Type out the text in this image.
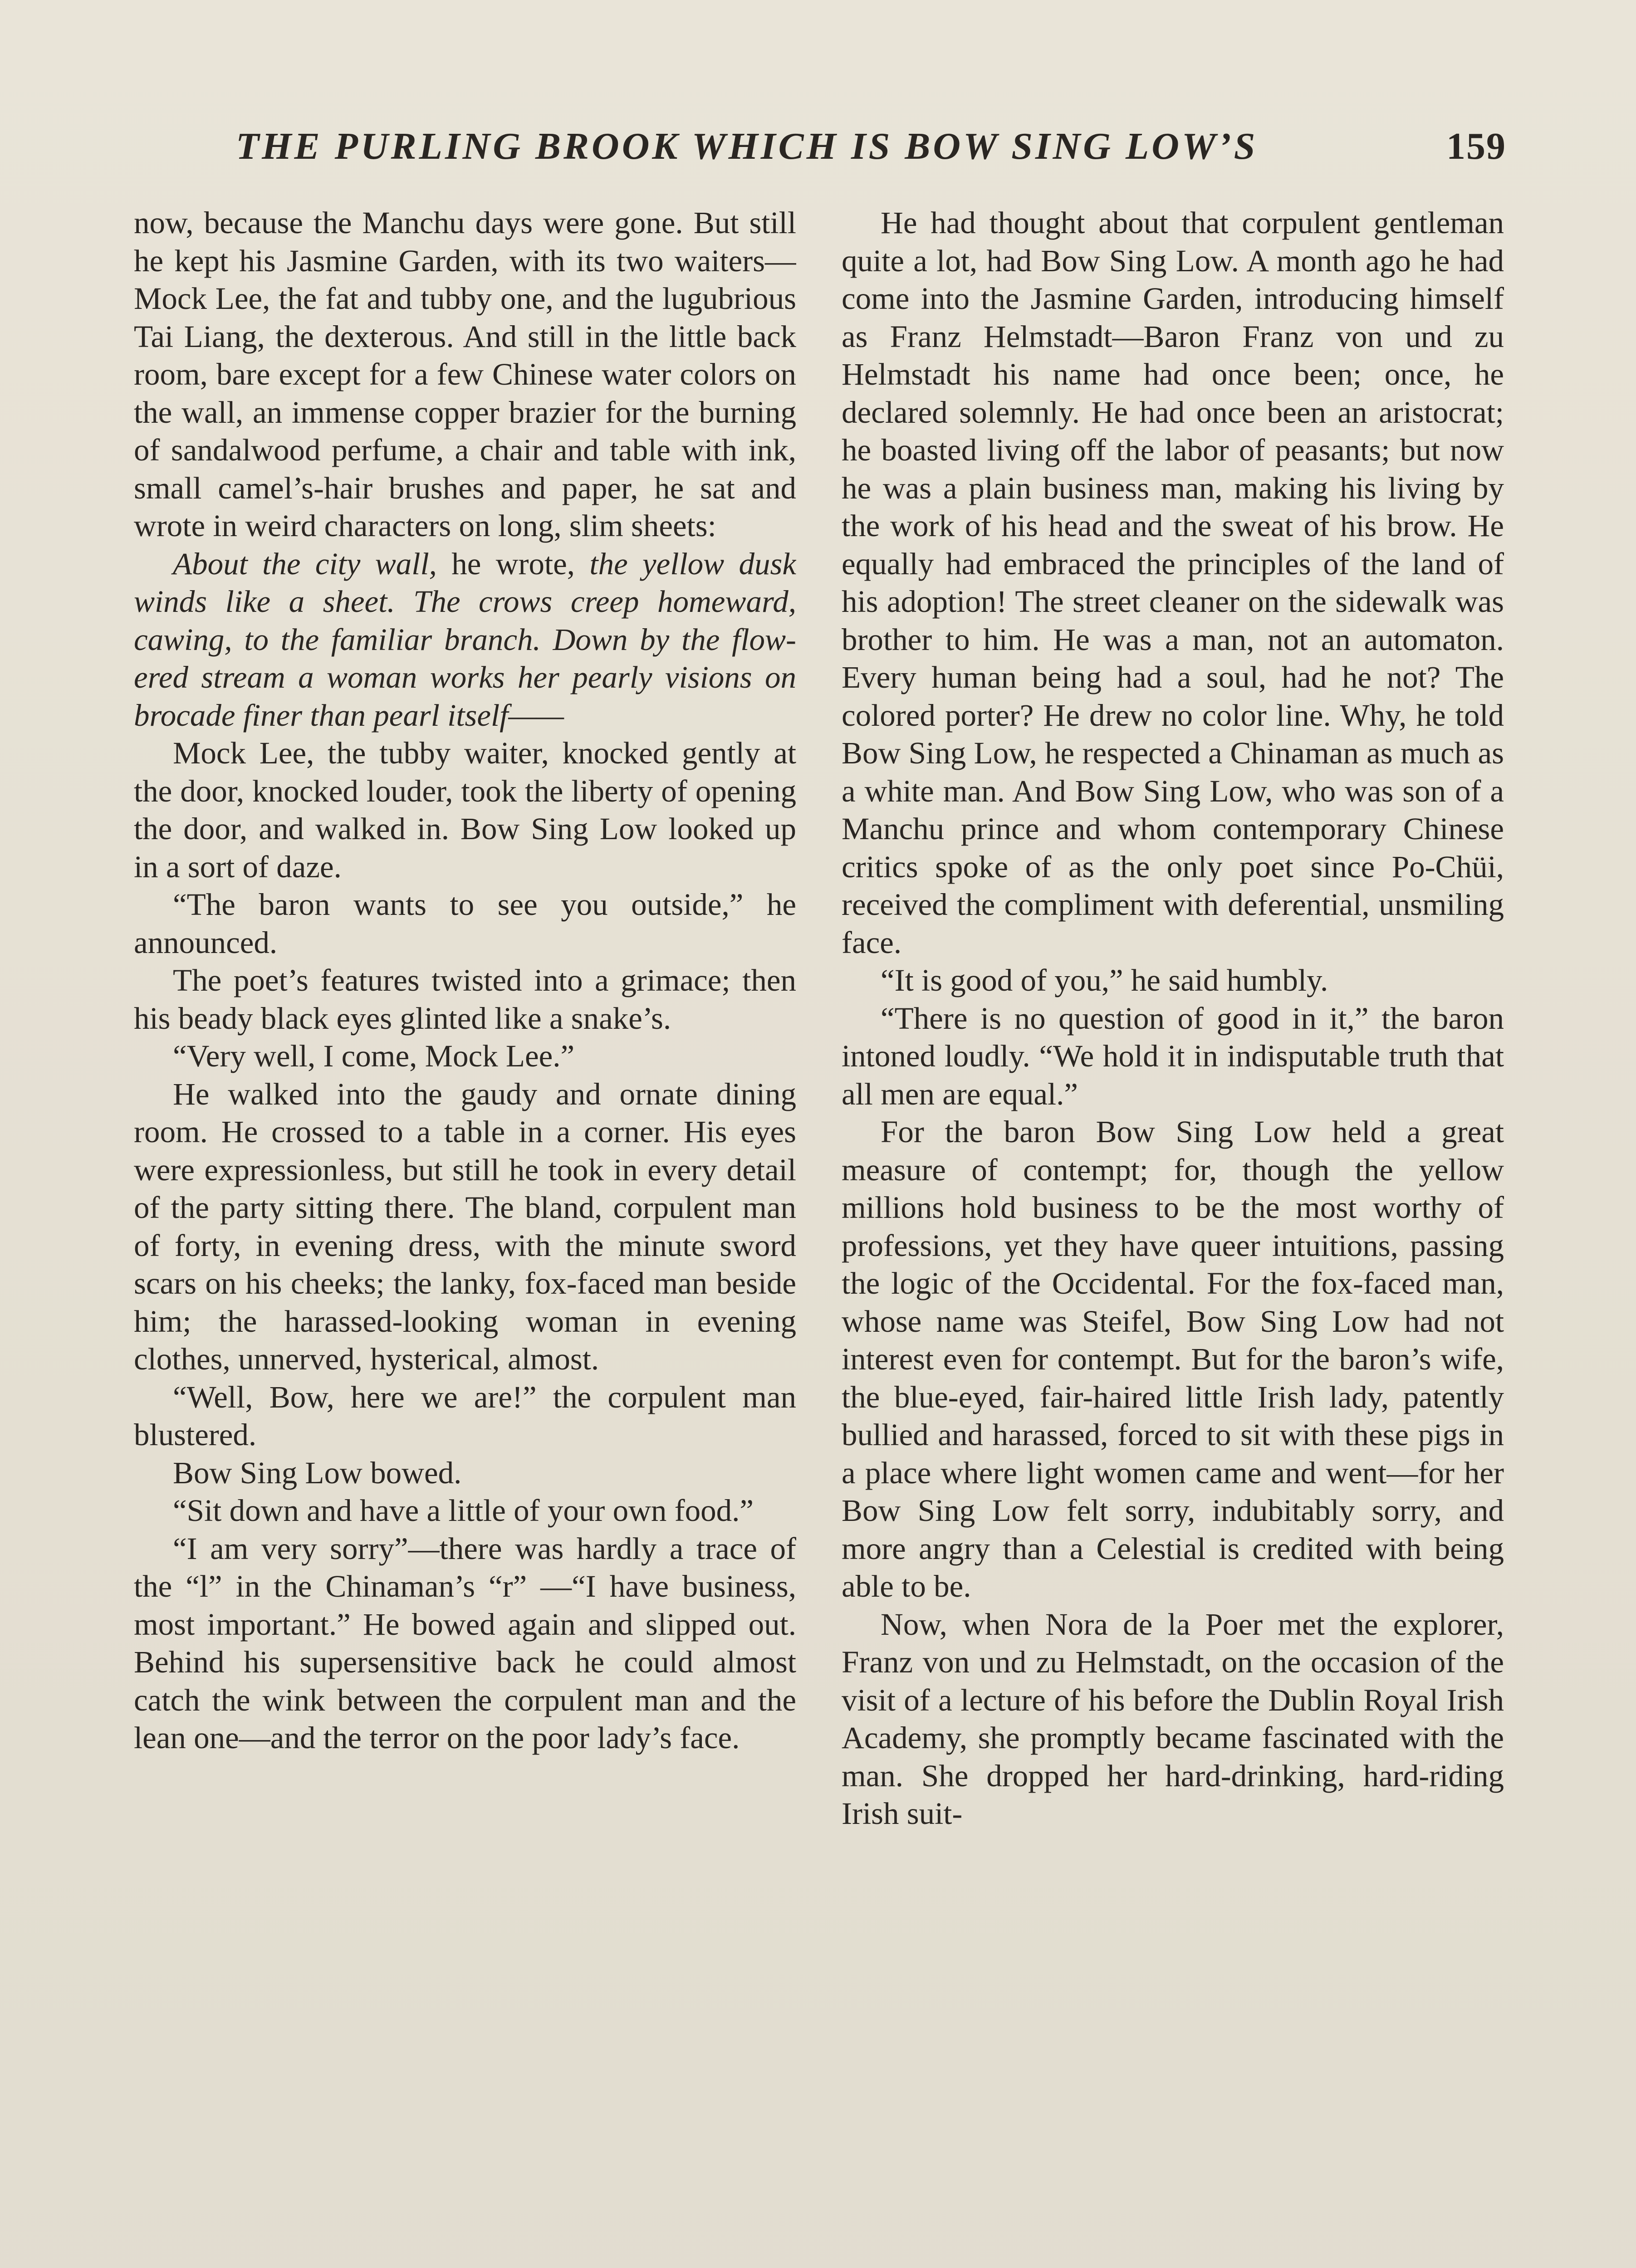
THE PURLING BROOK WHICH IS BOW SING LOW’S	159

now, because the Manchu days were gone. But still he kept his Jasmine Garden, with its two waiters—Mock Lee, the fat and tubby one, and the lugubrious Tai Liang, the dexterous. And still in the little back room, bare except for a few Chinese water colors on the wall, an immense copper brazier for the burning of sandalwood perfume, a chair and table with ink, small camel’s-hair brushes and paper, he sat and wrote in weird characters on long, slim sheets:

About the city wall, he wrote, the yellow dusk winds like a sheet. The crows creep homeward, cawing, to the familiar branch. Down by the flowered stream a woman works her pearly visions on brocade finer than pearl itself——

Mock Lee, the tubby waiter, knocked gently at the door, knocked louder, took the liberty of opening the door, and walked in. Bow Sing Low looked up in a sort of daze.

“The baron wants to see you outside,” he announced.

The poet’s features twisted into a grimace; then his beady black eyes glinted like a snake’s.

“Very well, I come, Mock Lee.”

He walked into the gaudy and ornate dining room. He crossed to a table in a corner. His eyes were expressionless, but still he took in every detail of the party sitting there. The bland, corpulent man of forty, in evening dress, with the minute sword scars on his cheeks; the lanky, fox-faced man beside him; the harassed-looking woman in evening clothes, unnerved, hysterical, almost.

“Well, Bow, here we are!” the corpulent man blustered.

Bow Sing Low bowed.

“Sit down and have a little of your own food.”

“I am very sorry”—there was hardly a trace of the “l” in the Chinaman’s “r” —“I have business, most important.” He bowed again and slipped out. Behind his supersensitive back he could almost catch the wink between the corpulent man and the lean one—and the terror on the poor lady’s face.

He had thought about that corpulent gentleman quite a lot, had Bow Sing Low. A month ago he had come into the Jasmine Garden, introducing himself as Franz Helmstadt—Baron Franz von und zu Helmstadt his name had once been; once, he declared solemnly. He had once been an aristocrat; he boasted living off the labor of peasants; but now he was a plain business man, making his living by the work of his head and the sweat of his brow. He equally had embraced the principles of the land of his adoption! The street cleaner on the sidewalk was brother to him. He was a man, not an automaton. Every human being had a soul, had he not? The colored porter? He drew no color line. Why, he told Bow Sing Low, he respected a Chinaman as much as a white man. And Bow Sing Low, who was son of a Manchu prince and whom contemporary Chinese critics spoke of as the only poet since Po-Chüi, received the compliment with deferential, unsmiling face.

“It is good of you,” he said humbly.

“There is no question of good in it,” the baron intoned loudly. “We hold it in indisputable truth that all men are equal.”

For the baron Bow Sing Low held a great measure of contempt; for, though the yellow millions hold business to be the most worthy of professions, yet they have queer intuitions, passing the logic of the Occidental. For the fox-faced man, whose name was Steifel, Bow Sing Low had not interest even for contempt. But for the baron’s wife, the blue-eyed, fair-haired little Irish lady, patently bullied and harassed, forced to sit with these pigs in a place where light women came and went—for her Bow Sing Low felt sorry, indubitably sorry, and more angry than a Celestial is credited with being able to be.

Now, when Nora de la Poer met the explorer, Franz von und zu Helmstadt, on the occasion of the visit of a lecture of his before the Dublin Royal Irish Academy, she promptly became fascinated with the man. She dropped her hard-drinking, hard-riding Irish suit-
